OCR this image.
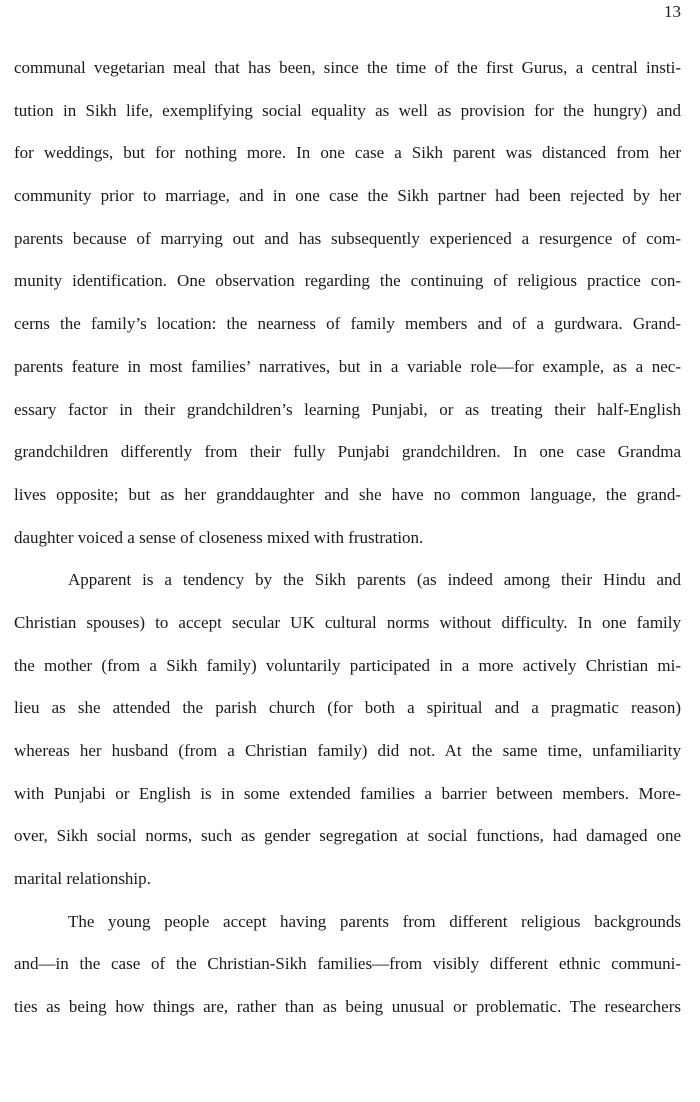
13
communal vegetarian meal that has been, since the time of the first Gurus, a central insti-
tution in Sikh life, exemplifying social equality as well as provision for the hungry) and
for weddings, but for nothing more. In one case a Sikh parent was distanced from her
community prior to marriage, and in one case the Sikh partner had been rejected by her
parents because of marrying out and has subsequently experienced a resurgence of com-
munity identification. One observation regarding the continuing of religious practice con-
cerns the family’s location: the nearness of family members and of a gurdwara. Grand-
parents feature in most families’ narratives, but in a variable role—for example, as a nec-
essary factor in their grandchildren’s learning Punjabi, or as treating their half-English
grandchildren differently from their fully Punjabi grandchildren. In one case Grandma
lives opposite; but as her granddaughter and she have no common language, the grand-
daughter voiced a sense of closeness mixed with frustration.
Apparent is a tendency by the Sikh parents (as indeed among their Hindu and
Christian spouses) to accept secular UK cultural norms without difficulty. In one family
the mother (from a Sikh family) voluntarily participated in a more actively Christian mi-
lieu as she attended the parish church (for both a spiritual and a pragmatic reason)
whereas her husband (from a Christian family) did not. At the same time, unfamiliarity
with Punjabi or English is in some extended families a barrier between members. More-
over, Sikh social norms, such as gender segregation at social functions, had damaged one
marital relationship.
The young people accept having parents from different religious backgrounds
and—in the case of the Christian-Sikh families—from visibly different ethnic communi-
ties as being how things are, rather than as being unusual or problematic. The researchers
